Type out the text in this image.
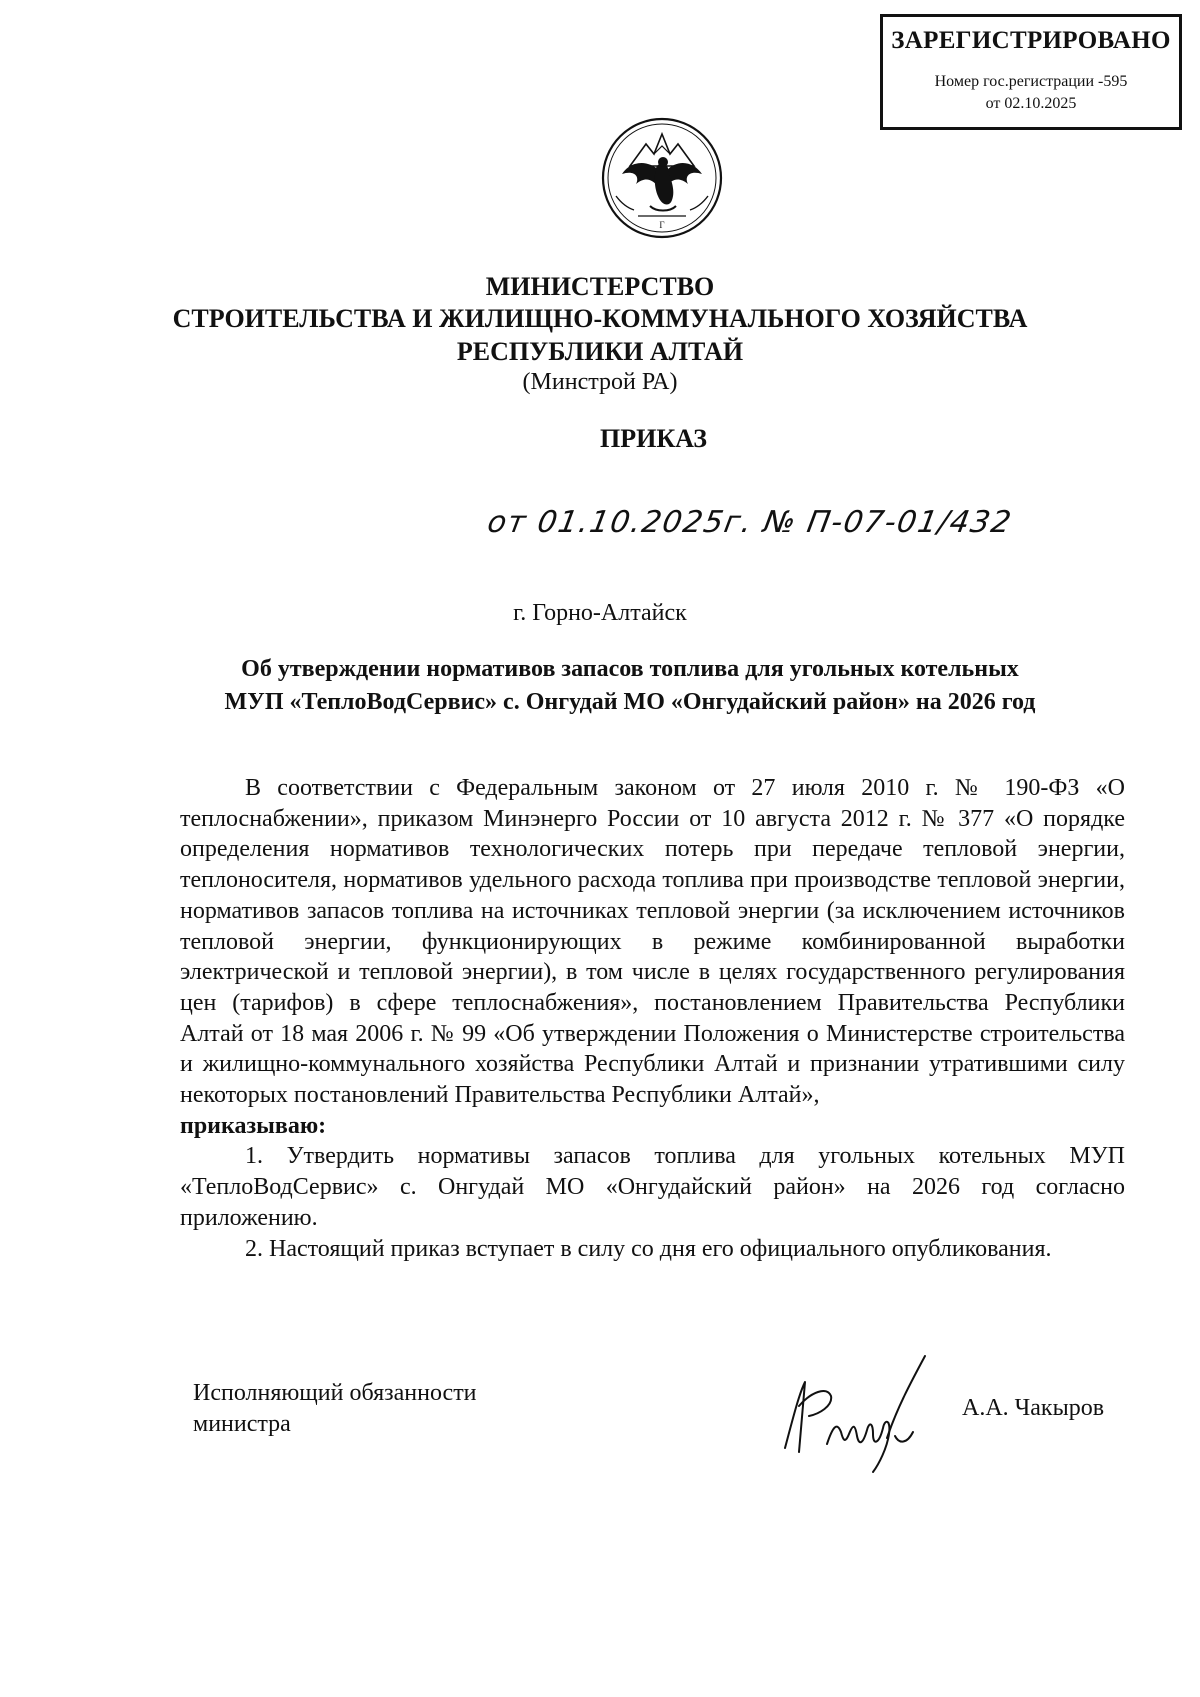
ЗАРЕГИСТРИРОВАНО
Номер гос.регистрации -595
от 02.10.2025
Г
МИНИСТЕРСТВО
СТРОИТЕЛЬСТВА И ЖИЛИЩНО-КОММУНАЛЬНОГО ХОЗЯЙСТВА
РЕСПУБЛИКИ АЛТАЙ
(Минстрой РА)
ПРИКАЗ
от 01.10.2025г. № П-07-01/432
г. Горно-Алтайск
Об утверждении нормативов запасов топлива для угольных котельных
МУП «ТеплоВодСервис» с. Онгудай МО «Онгудайский район» на 2026 год

В соответствии с Федеральным законом от 27 июля 2010 г. № 190-ФЗ «О теплоснабжении», приказом Минэнерго России от 10 августа 2012 г. № 377 «О порядке определения нормативов технологических потерь при передаче тепловой энергии, теплоносителя, нормативов удельного расхода топлива при производстве тепловой энергии, нормативов запасов топлива на источниках тепловой энергии (за исключением источников тепловой энергии, функционирующих в режиме комбинированной выработки электрической и тепловой энергии), в том числе в целях государственного регулирования цен (тарифов) в сфере теплоснабжения», постановлением Правительства Республики Алтай от 18 мая 2006 г. № 99 «Об утверждении Положения о Министерстве строительства и жилищно-коммунального хозяйства Республики Алтай и признании утратившими силу некоторых постановлений Правительства Республики Алтай»,

приказываю:

1. Утвердить нормативы запасов топлива для угольных котельных МУП «ТеплоВодСервис» с. Онгудай МО «Онгудайский район» на 2026 год согласно приложению.

2. Настоящий приказ вступает в силу со дня его официального опубликования.

Исполняющий обязанности
министра
А.А. Чакыров
